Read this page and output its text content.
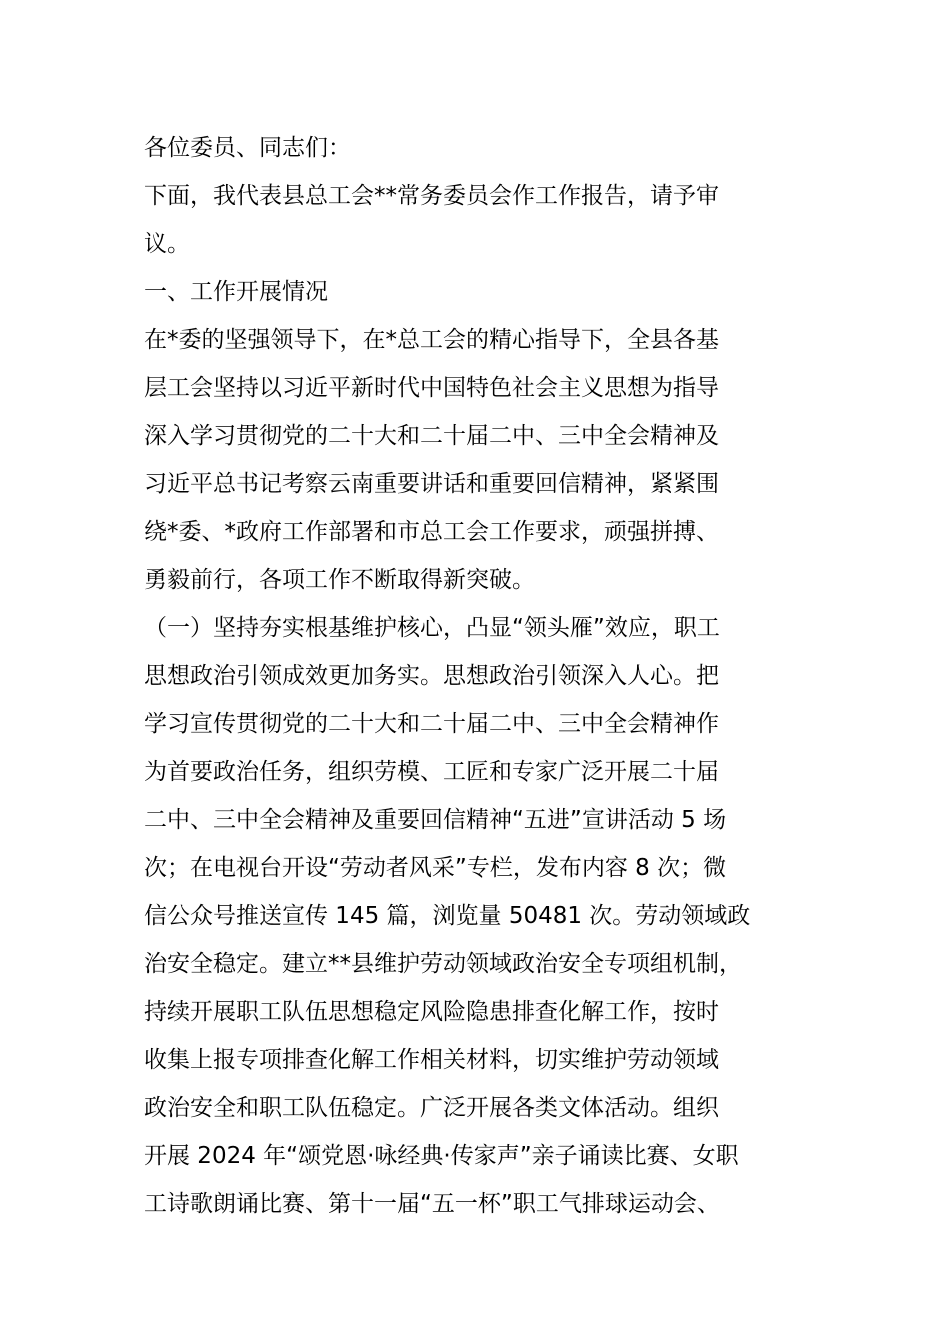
各位委员、同志们：
下面，我代表县总工会**常务委员会作工作报告，请予审
议。
一、工作开展情况
在*委的坚强领导下，在*总工会的精心指导下，全县各基
层工会坚持以习近平新时代中国特色社会主义思想为指导
深入学习贯彻党的二十大和二十届二中、三中全会精神及
习近平总书记考察云南重要讲话和重要回信精神，紧紧围
绕*委、*政府工作部署和市总工会工作要求，顽强拼搏、
勇毅前行，各项工作不断取得新突破。
（一）坚持夯实根基维护核心，凸显“领头雁”效应，职工
思想政治引领成效更加务实。思想政治引领深入人心。把
学习宣传贯彻党的二十大和二十届二中、三中全会精神作
为首要政治任务，组织劳模、工匠和专家广泛开展二十届
二中、三中全会精神及重要回信精神“五进”宣讲活动 5 场
次；在电视台开设“劳动者风采”专栏，发布内容 8 次；微
信公众号推送宣传 145 篇，浏览量 50481 次。劳动领域政
治安全稳定。建立**县维护劳动领域政治安全专项组机制，
持续开展职工队伍思想稳定风险隐患排查化解工作，按时
收集上报专项排查化解工作相关材料，切实维护劳动领域
政治安全和职工队伍稳定。广泛开展各类文体活动。组织
开展 2024 年“颂党恩·咏经典·传家声”亲子诵读比赛、女职
工诗歌朗诵比赛、第十一届“五一杯”职工气排球运动会、
